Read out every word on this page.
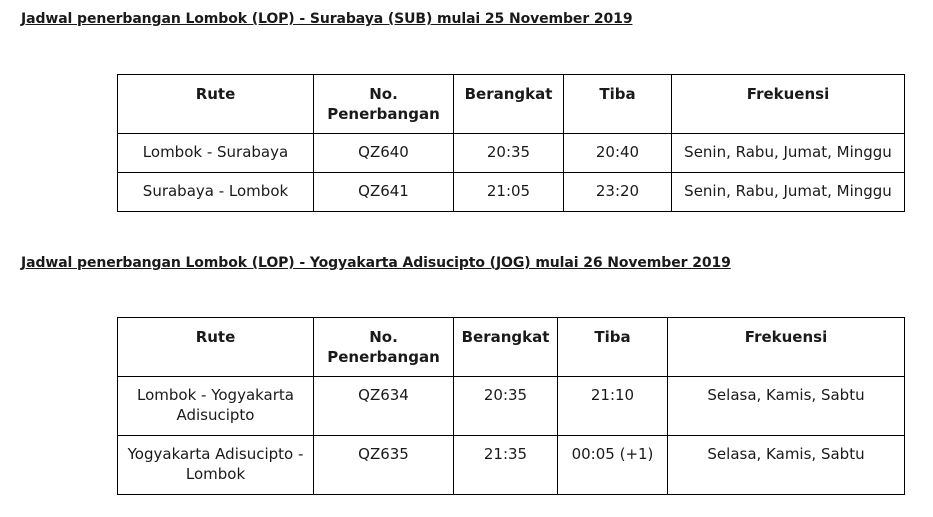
Jadwal penerbangan Lombok (LOP) - Surabaya (SUB) mulai 25 November 2019
Rute	No. Penerbangan	Berangkat	Tiba	Frekuensi
Lombok - Surabaya	QZ640	20:35	20:40	Senin, Rabu, Jumat, Minggu
Surabaya - Lombok	QZ641	21:05	23:20	Senin, Rabu, Jumat, Minggu
Jadwal penerbangan Lombok (LOP) - Yogyakarta Adisucipto (JOG) mulai 26 November 2019
Rute	No. Penerbangan	Berangkat	Tiba	Frekuensi
Lombok - Yogyakarta Adisucipto	QZ634	20:35	21:10	Selasa, Kamis, Sabtu
Yogyakarta Adisucipto - Lombok	QZ635	21:35	00:05 (+1)	Selasa, Kamis, Sabtu
